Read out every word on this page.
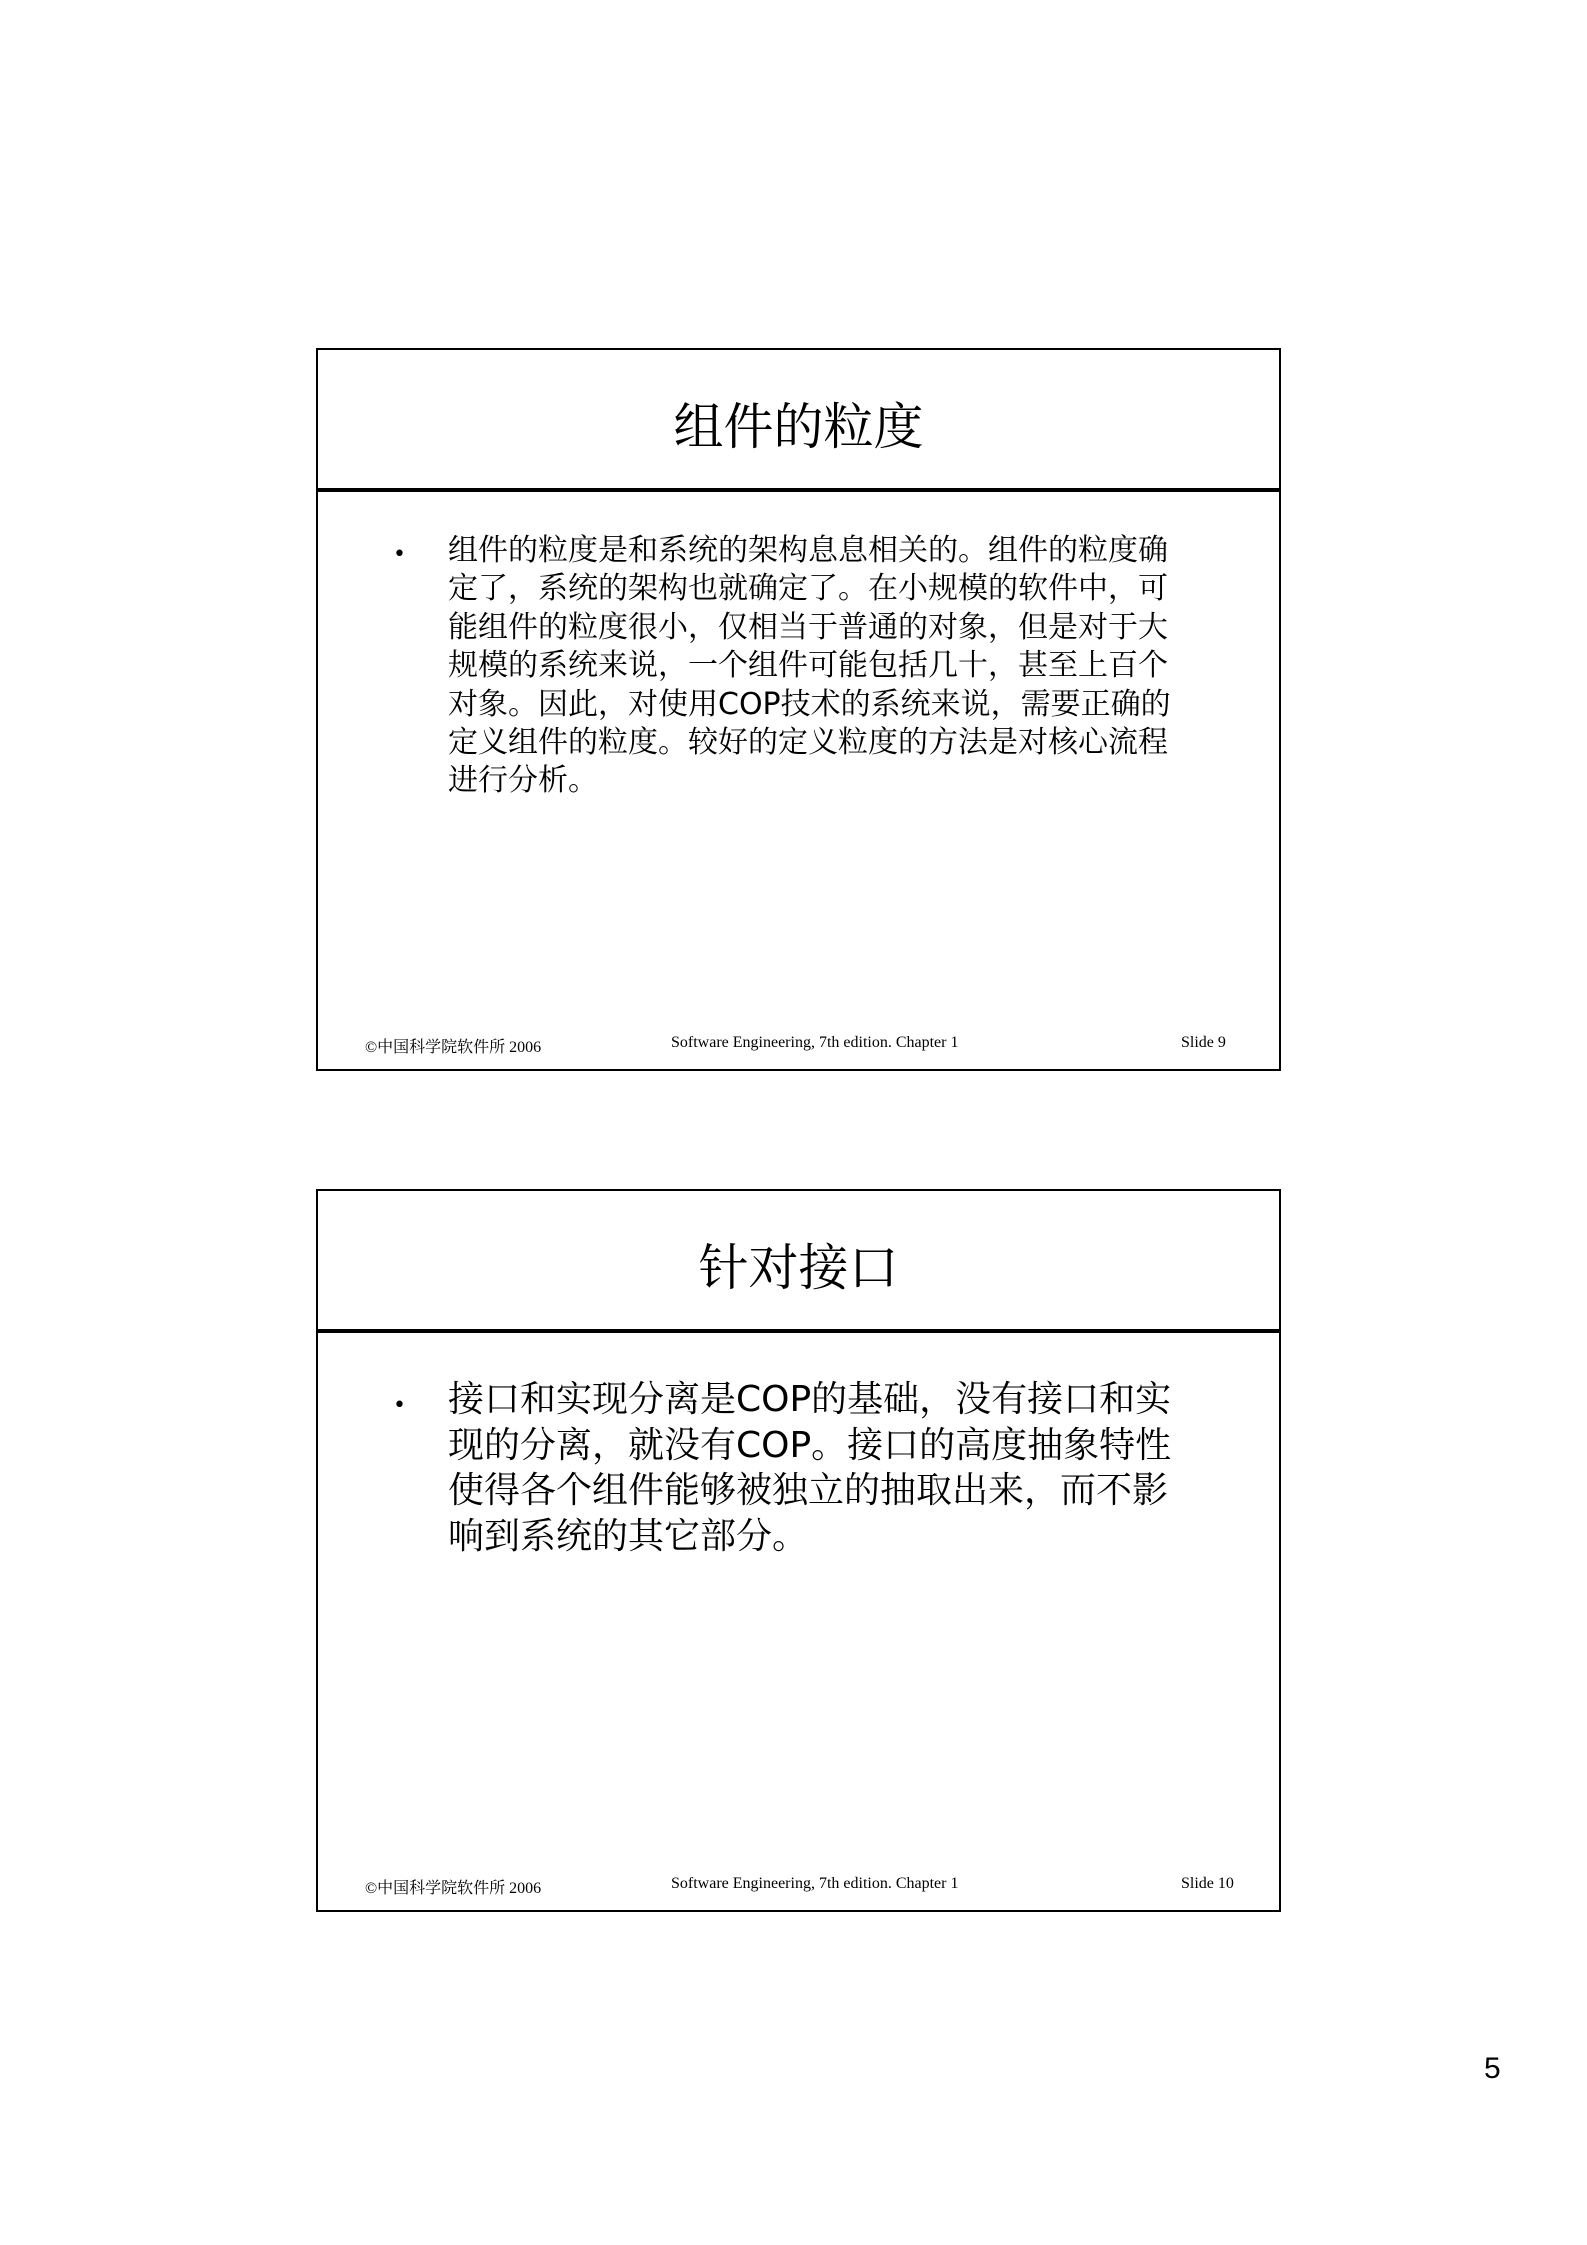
组件的粒度
• 组件的粒度是和系统的架构息息相关的。组件的粒度确
定了，系统的架构也就确定了。在小规模的软件中，可
能组件的粒度很小，仅相当于普通的对象，但是对于大
规模的系统来说，一个组件可能包括几十，甚至上百个
对象。因此，对使用COP技术的系统来说，需要正确的
定义组件的粒度。较好的定义粒度的方法是对核心流程
进行分析。
©中国科学院软件所 2006	Software Engineering, 7th edition. Chapter 1	Slide 9
针对接口
• 接口和实现分离是COP的基础，没有接口和实
现的分离，就没有COP。接口的高度抽象特性
使得各个组件能够被独立的抽取出来，而不影
响到系统的其它部分。
©中国科学院软件所 2006	Software Engineering, 7th edition. Chapter 1	Slide 10
5
